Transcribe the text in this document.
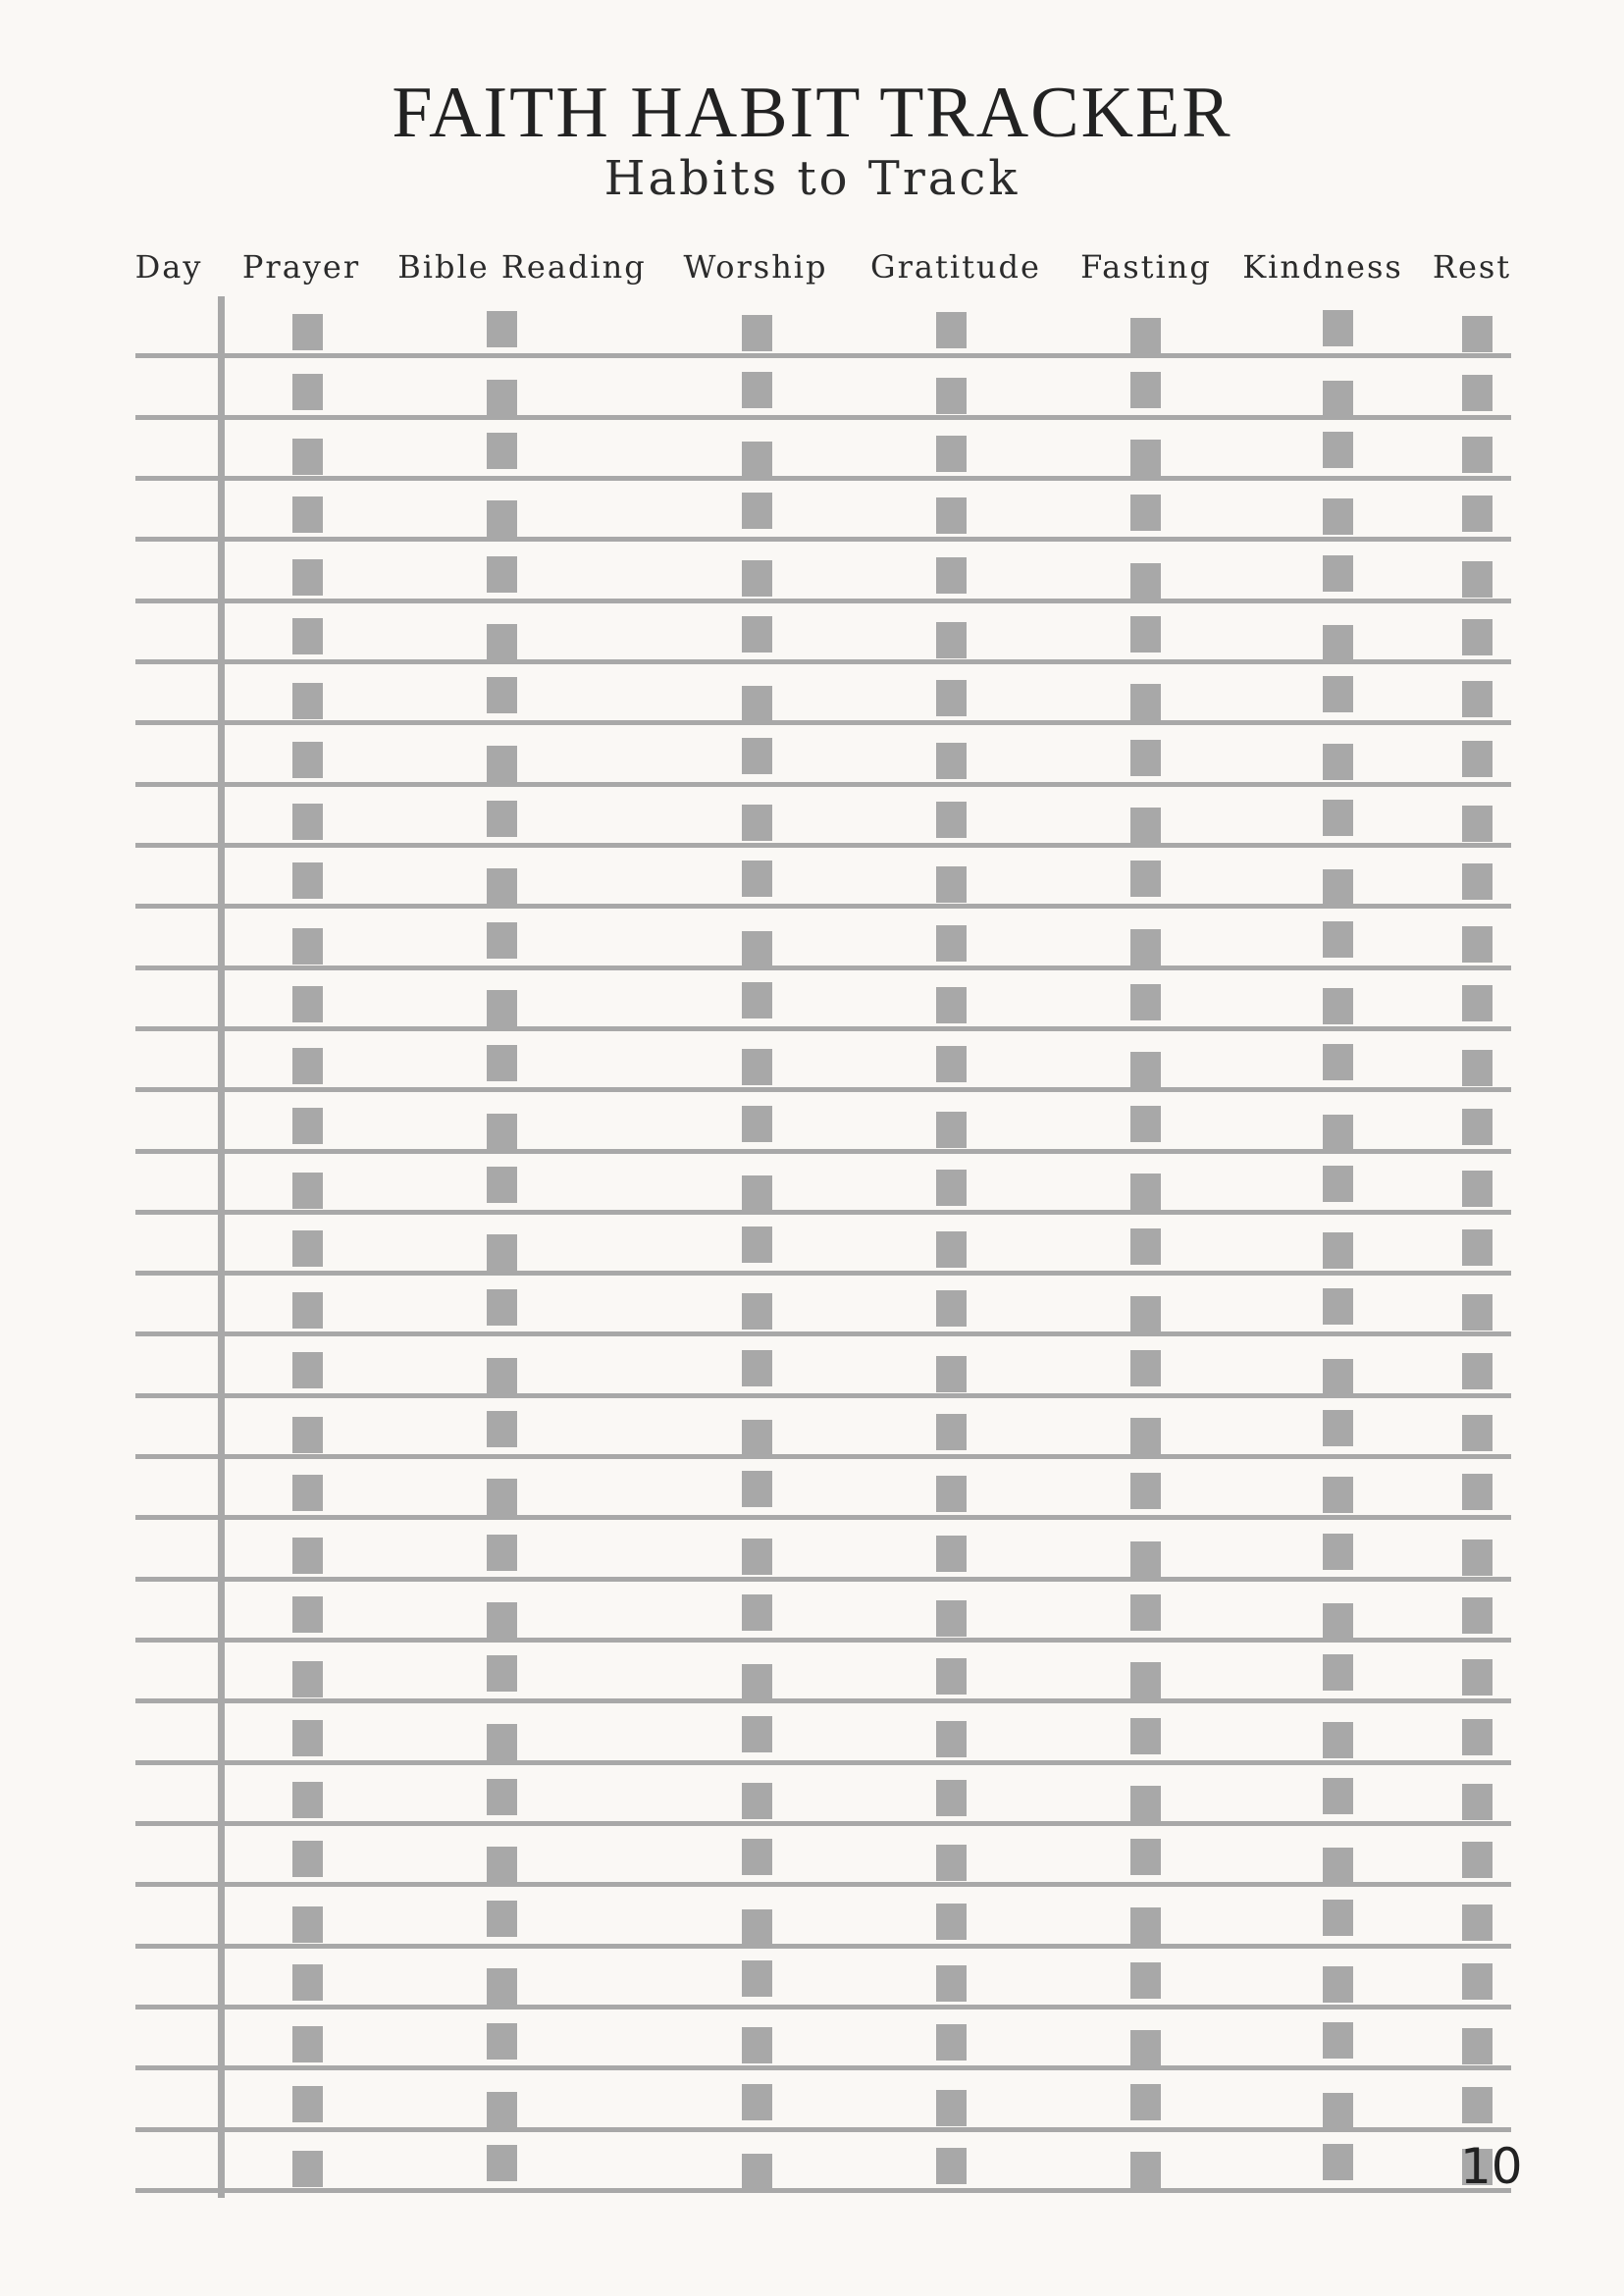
FAITH HABIT TRACKER
Habits to Track
Day Prayer Bible Reading Worship Gratitude Fasting Kindness Rest
10
